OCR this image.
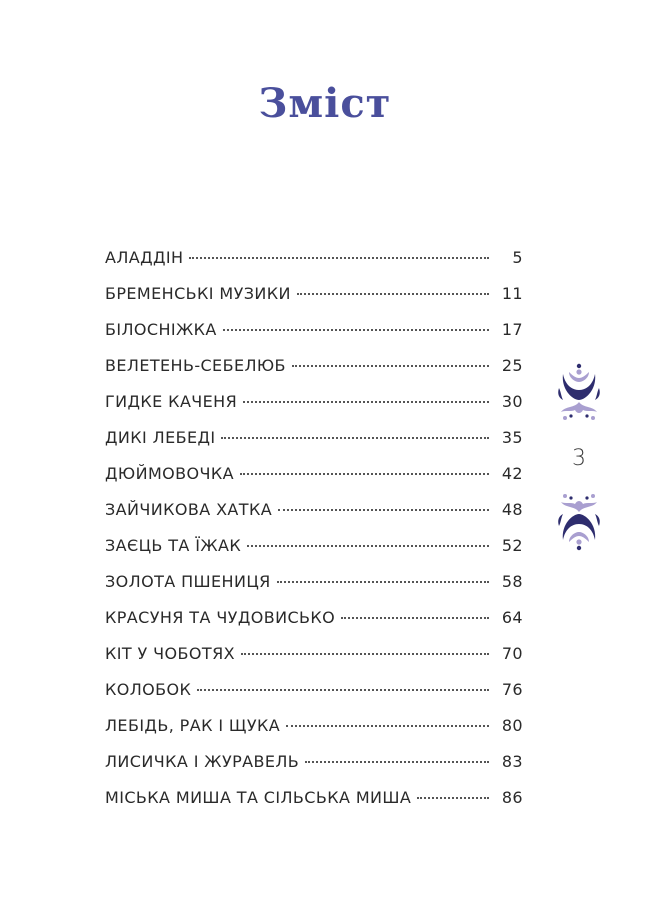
Зміст
АЛАДДІН	5
БРЕМЕНСЬКІ МУЗИКИ	11
БІЛОСНІЖКА	17
ВЕЛЕТЕНЬ-СЕБЕЛЮБ	25
ГИДКЕ КАЧЕНЯ	30
ДИКІ ЛЕБЕДІ	35
ДЮЙМОВОЧКА	42
ЗАЙЧИКОВА ХАТКА	48
ЗАЄЦЬ ТА ЇЖАК	52
ЗОЛОТА ПШЕНИЦЯ	58
КРАСУНЯ ТА ЧУДОВИСЬКО	64
КІТ У ЧОБОТЯХ	70
КОЛОБОК	76
ЛЕБІДЬ, РАК І ЩУКА	80
ЛИСИЧКА І ЖУРАВЕЛЬ	83
МІСЬКА МИША ТА СІЛЬСЬКА МИША	86
3
